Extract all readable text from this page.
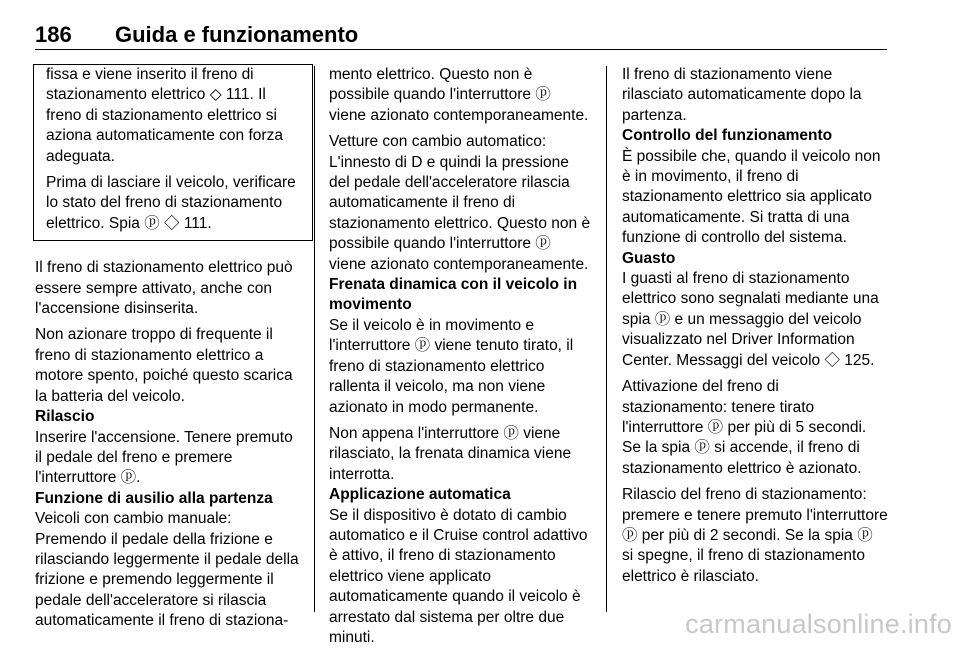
186 Guida e funzionamento

fissa e viene inserito il freno di stazionamento elettrico ◇ 111. Il freno di stazionamento elettrico si aziona automaticamente con forza adeguata.

Prima di lasciare il veicolo, verificare lo stato del freno di stazionamento elettrico. Spia ⓟ ◇ 111.

Il freno di stazionamento elettrico può essere sempre attivato, anche con l'accensione disinserita.

Non azionare troppo di frequente il freno di stazionamento elettrico a motore spento, poiché questo scarica la batteria del veicolo.

Rilascio

Inserire l'accensione. Tenere premuto il pedale del freno e premere l'interruttore ⓟ.

Funzione di ausilio alla partenza

Veicoli con cambio manuale: Premendo il pedale della frizione e rilasciando leggermente il pedale della frizione e premendo leggermente il pedale dell'acceleratore si rilascia automaticamente il freno di staziona-

mento elettrico. Questo non è possibile quando l'interruttore ⓟ viene azionato contemporaneamente.

Vetture con cambio automatico: L'innesto di D e quindi la pressione del pedale dell'acceleratore rilascia automaticamente il freno di stazionamento elettrico. Questo non è possibile quando l'interruttore ⓟ viene azionato contemporaneamente.

Frenata dinamica con il veicolo in movimento

Se il veicolo è in movimento e l'interruttore ⓟ viene tenuto tirato, il freno di stazionamento elettrico rallenta il veicolo, ma non viene azionato in modo permanente.

Non appena l'interruttore ⓟ viene rilasciato, la frenata dinamica viene interrotta.

Applicazione automatica

Se il dispositivo è dotato di cambio automatico e il Cruise control adattivo è attivo, il freno di stazionamento elettrico viene applicato automaticamente quando il veicolo è arrestato dal sistema per oltre due minuti.

Il freno di stazionamento viene rilasciato automaticamente dopo la partenza.

Controllo del funzionamento

È possibile che, quando il veicolo non è in movimento, il freno di stazionamento elettrico sia applicato automaticamente. Si tratta di una funzione di controllo del sistema.

Guasto

I guasti al freno di stazionamento elettrico sono segnalati mediante una spia ⓟ e un messaggio del veicolo visualizzato nel Driver Information Center. Messaggi del veicolo ◇ 125.

Attivazione del freno di stazionamento: tenere tirato l'interruttore ⓟ per più di 5 secondi. Se la spia ⓟ si accende, il freno di stazionamento elettrico è azionato.

Rilascio del freno di stazionamento: premere e tenere premuto l'interruttore ⓟ per più di 2 secondi. Se la spia ⓟ si spegne, il freno di stazionamento elettrico è rilasciato.

carmanualsonline.info
